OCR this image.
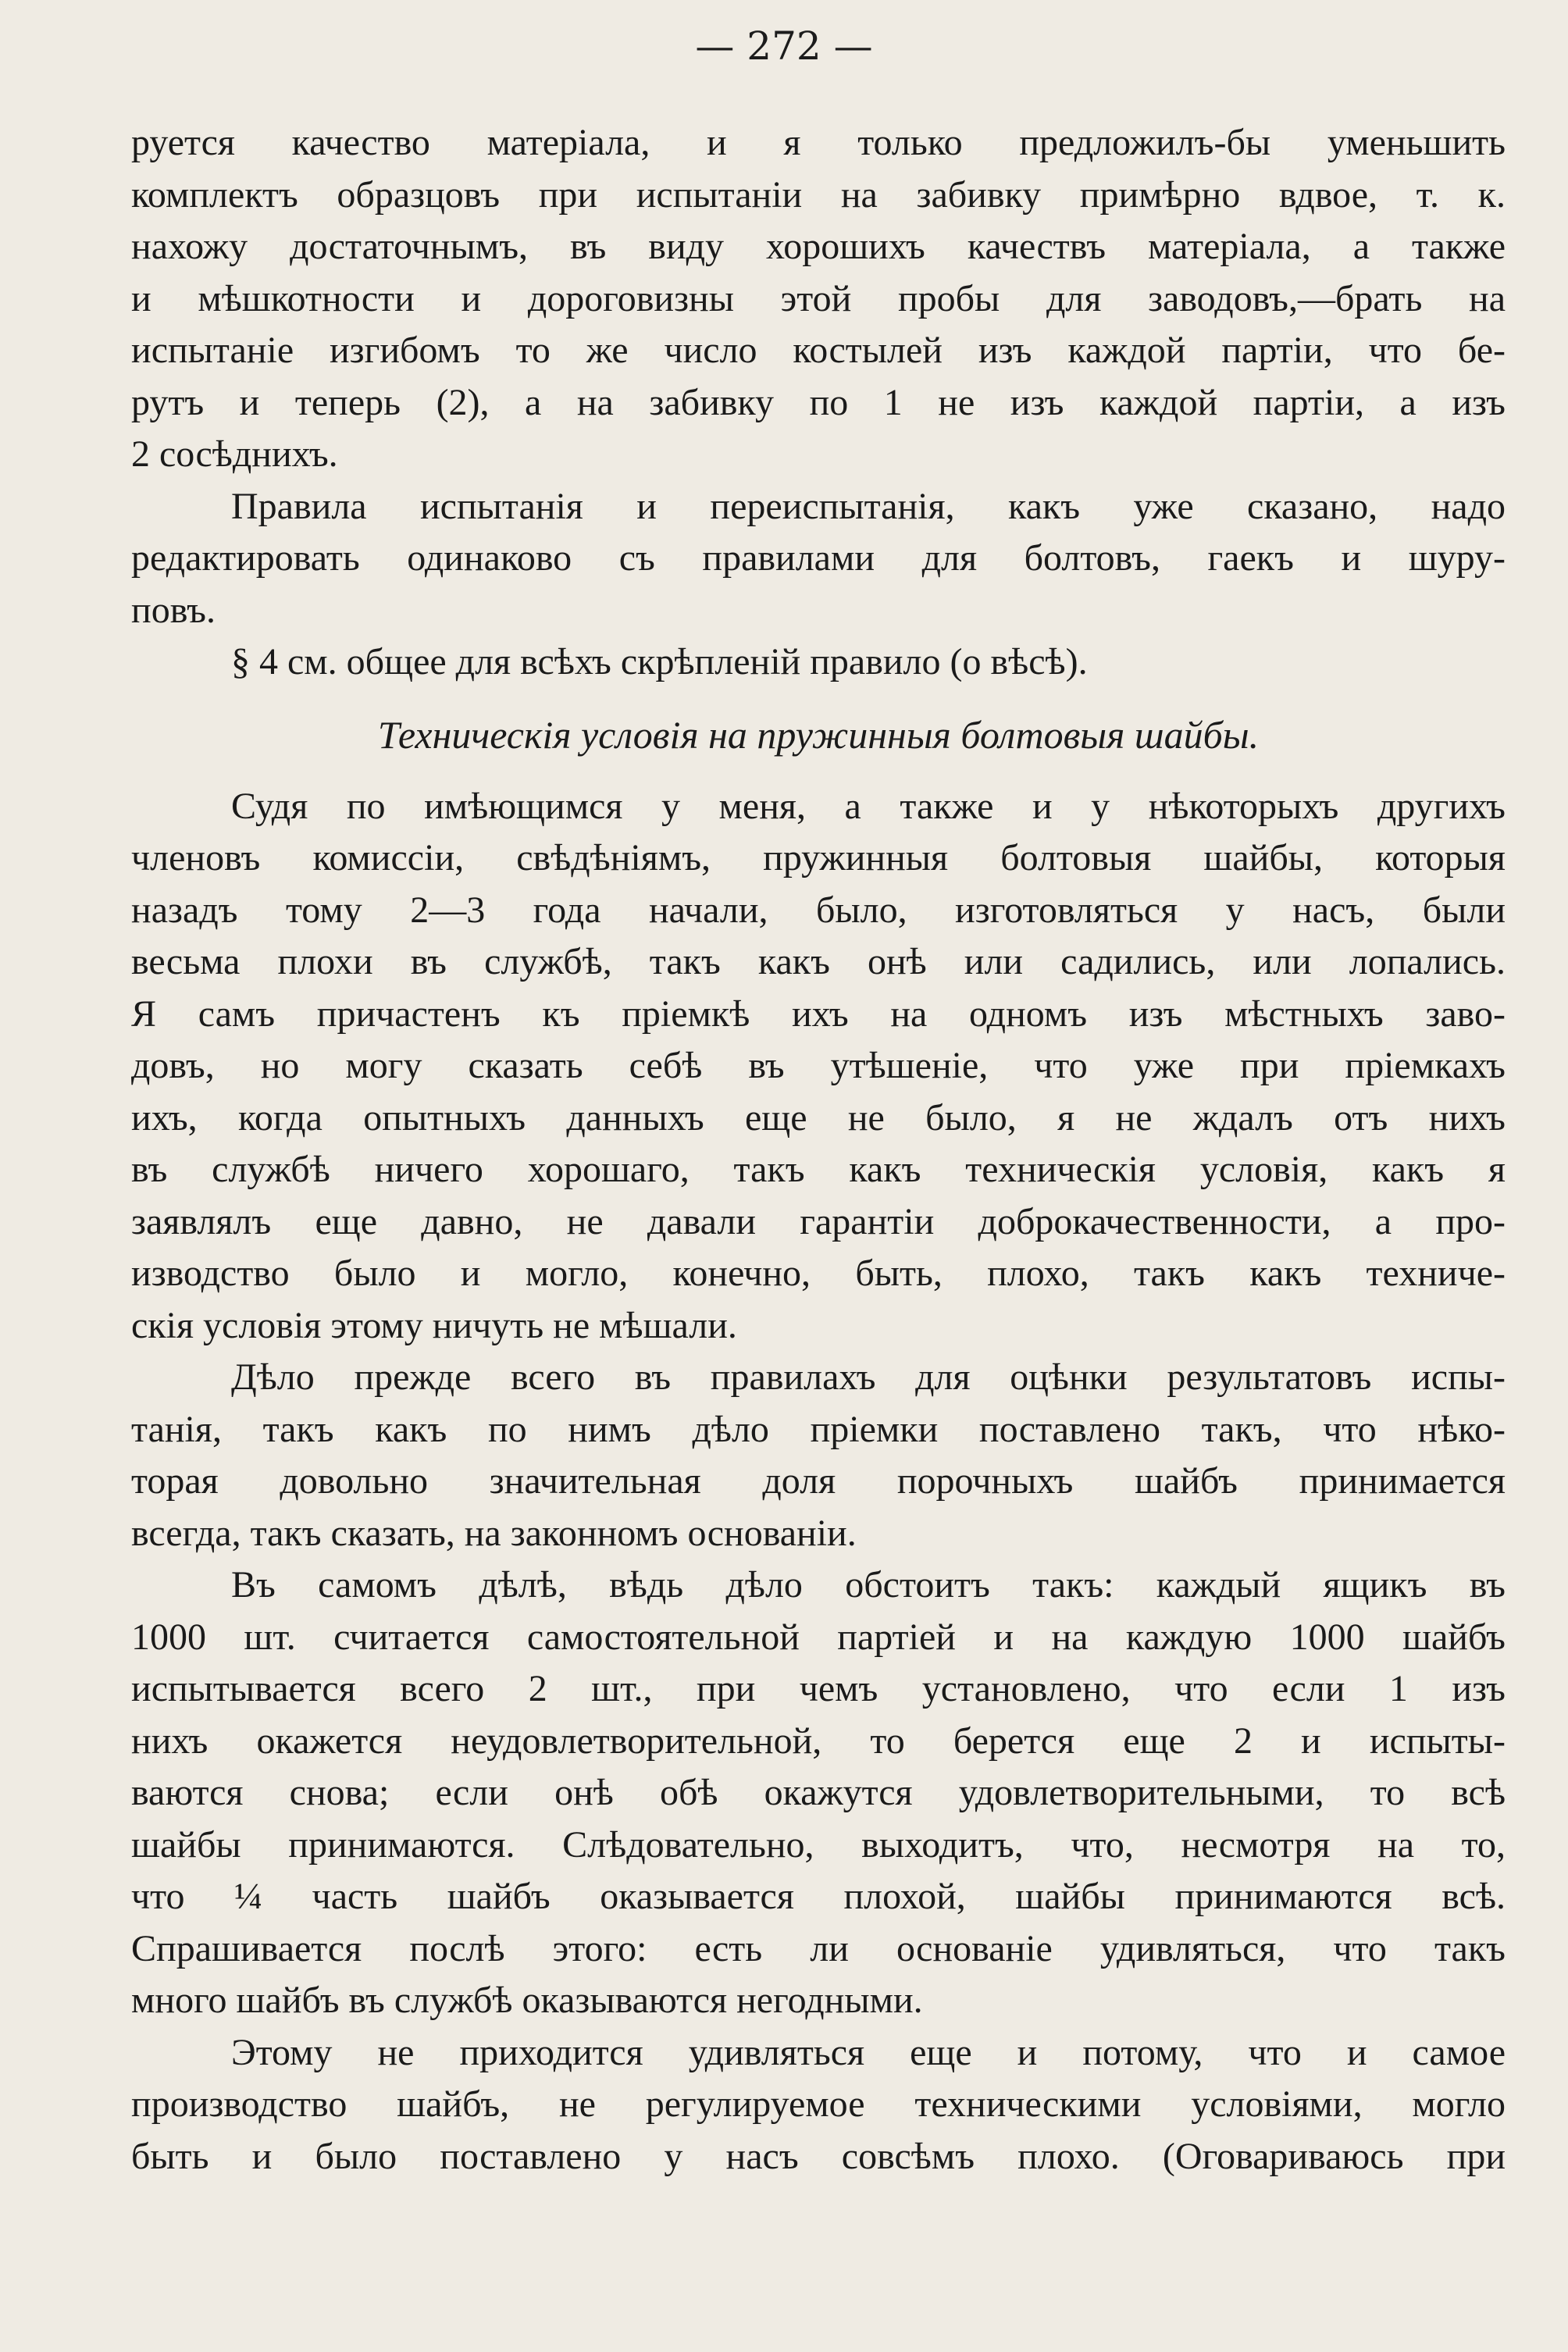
— 272 —
руется качество матеріала, и я только предложилъ-бы уменьшить
комплектъ образцовъ при испытаніи на забивку примѣрно вдвое, т. к.
нахожу достаточнымъ, въ виду хорошихъ качествъ матеріала, а также
и мѣшкотности и дороговизны этой пробы для заводовъ,—брать на
испытаніе изгибомъ то же число костылей изъ каждой партіи, что бе-
рутъ и теперь (2), а на забивку по 1 не изъ каждой партіи, а изъ
2 сосѣднихъ.
Правила испытанія и переиспытанія, какъ уже сказано, надо
редактировать одинаково съ правилами для болтовъ, гаекъ и шуру-
повъ.
§ 4 см. общее для всѣхъ скрѣпленій правило (о вѣсѣ).
Техническія условія на пружинныя болтовыя шайбы.
Судя по имѣющимся у меня, а также и у нѣкоторыхъ другихъ
членовъ комиссіи, свѣдѣніямъ, пружинныя болтовыя шайбы, которыя
назадъ тому 2—3 года начали, было, изготовляться у насъ, были
весьма плохи въ службѣ, такъ какъ онѣ или садились, или лопались.
Я самъ причастенъ къ пріемкѣ ихъ на одномъ изъ мѣстныхъ заво-
довъ, но могу сказать себѣ въ утѣшеніе, что уже при пріемкахъ
ихъ, когда опытныхъ данныхъ еще не было, я не ждалъ отъ нихъ
въ службѣ ничего хорошаго, такъ какъ техническія условія, какъ я
заявлялъ еще давно, не давали гарантіи доброкачественности, а про-
изводство было и могло, конечно, быть, плохо, такъ какъ техниче-
скія условія этому ничуть не мѣшали.
Дѣло прежде всего въ правилахъ для оцѣнки результатовъ испы-
танія, такъ какъ по нимъ дѣло пріемки поставлено такъ, что нѣко-
торая довольно значительная доля порочныхъ шайбъ принимается
всегда, такъ сказать, на законномъ основаніи.
Въ самомъ дѣлѣ, вѣдь дѣло обстоитъ такъ: каждый ящикъ въ
1000 шт. считается самостоятельной партіей и на каждую 1000 шайбъ
испытывается всего 2 шт., при чемъ установлено, что если 1 изъ
нихъ окажется неудовлетворительной, то берется еще 2 и испыты-
ваются снова; если онѣ обѣ окажутся удовлетворительными, то всѣ
шайбы принимаются. Слѣдовательно, выходитъ, что, несмотря на то,
что ¼ часть шайбъ оказывается плохой, шайбы принимаются всѣ.
Спрашивается послѣ этого: есть ли основаніе удивляться, что такъ
много шайбъ въ службѣ оказываются негодными.
Этому не приходится удивляться еще и потому, что и самое
производство шайбъ, не регулируемое техническими условіями, могло
быть и было поставлено у насъ совсѣмъ плохо. (Оговариваюсь при
